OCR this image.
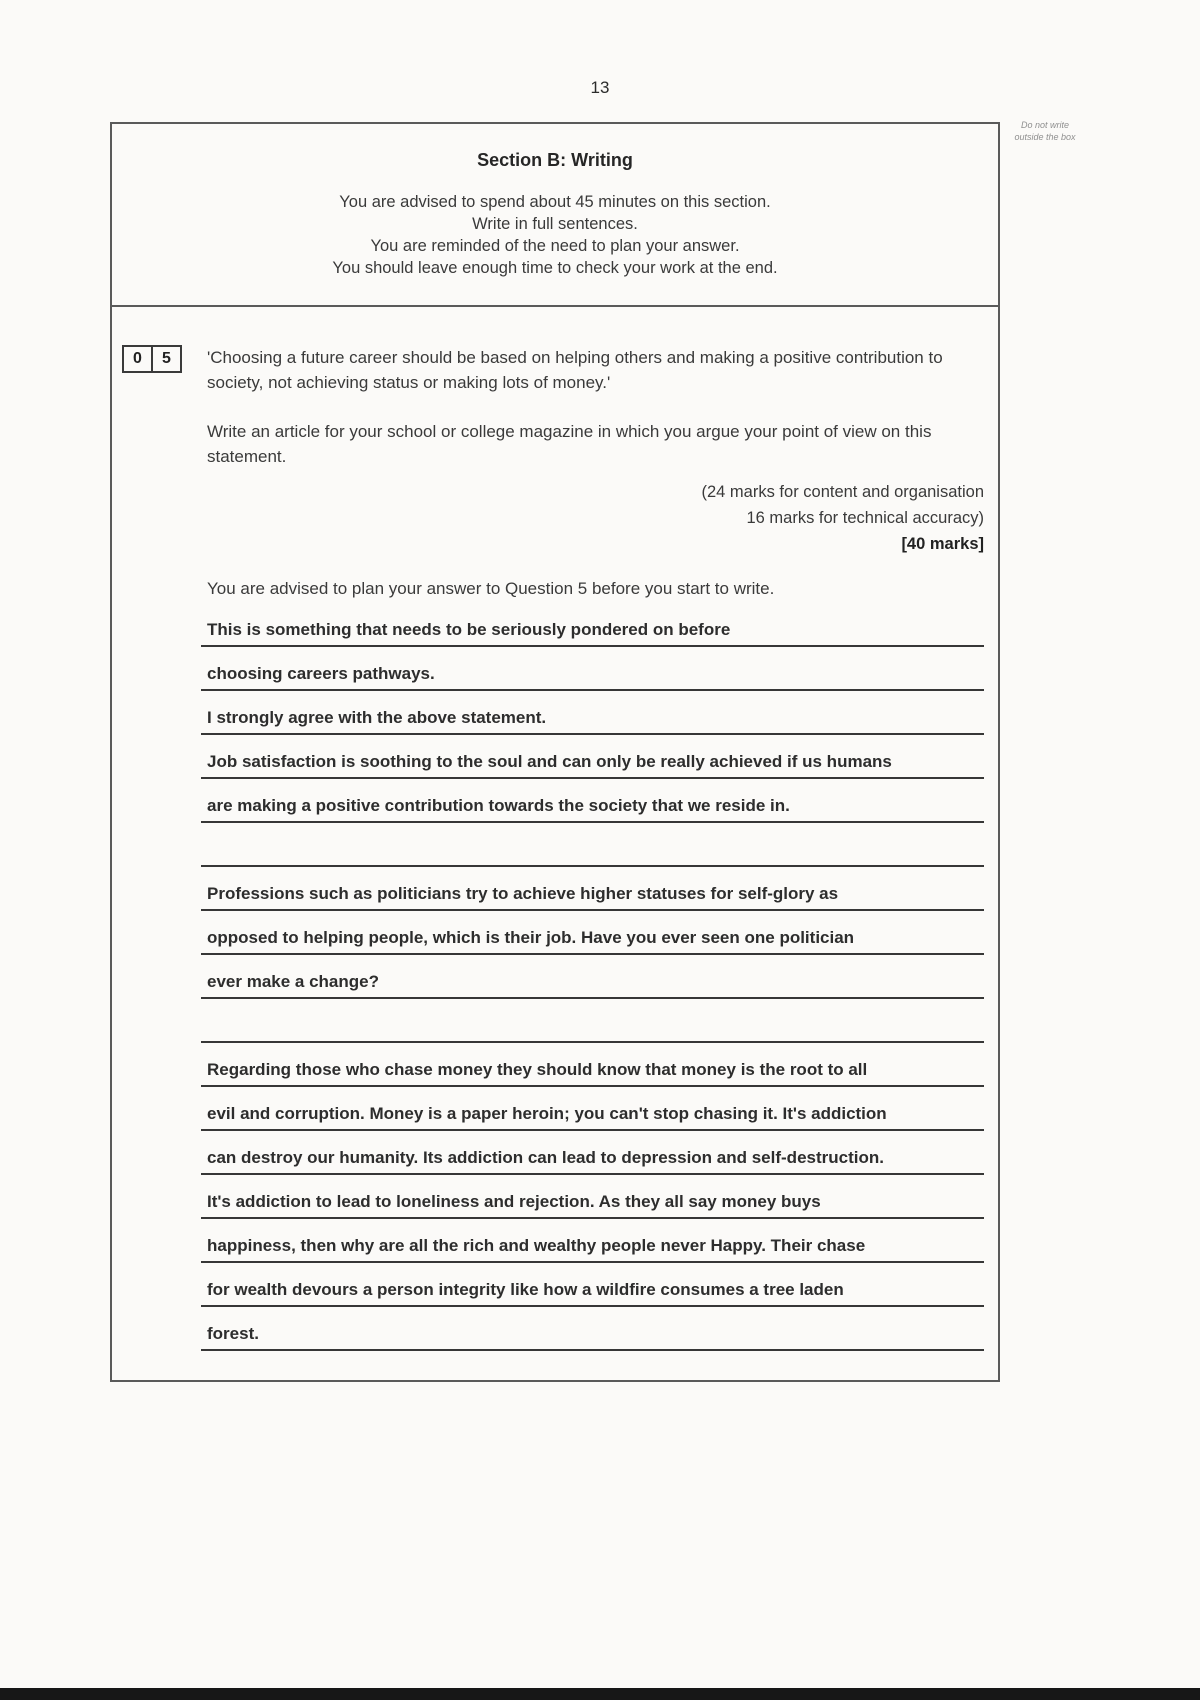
13
Do not write outside the box
Section B: Writing
You are advised to spend about 45 minutes on this section.
Write in full sentences.
You are reminded of the need to plan your answer.
You should leave enough time to check your work at the end.
0	5	'Choosing a future career should be based on helping others and making a positive contribution to society, not achieving status or making lots of money.'

Write an article for your school or college magazine in which you argue your point of view on this statement.

(24 marks for content and organisation
16 marks for technical accuracy)
[40 marks]

You are advised to plan your answer to Question 5 before you start to write.

This is something that needs to be seriously pondered on before
choosing careers pathways.
I strongly agree with the above statement.
Job satisfaction is soothing to the soul and can only be really achieved if us humans
are making a positive contribution towards the society that we reside in.
Professions such as politicians try to achieve higher statuses for self-glory as
opposed to helping people, which is their job. Have you ever seen one politician
ever make a change?
Regarding those who chase money they should know that money is the root to all
evil and corruption. Money is a paper heroin; you can't stop chasing it. It's addiction
can destroy our humanity. Its addiction can lead to depression and self-destruction.
It's addiction to lead to loneliness and rejection. As they all say money buys
happiness, then why are all the rich and wealthy people never Happy. Their chase
for wealth devours a person integrity like how a wildfire consumes a tree laden
forest.
